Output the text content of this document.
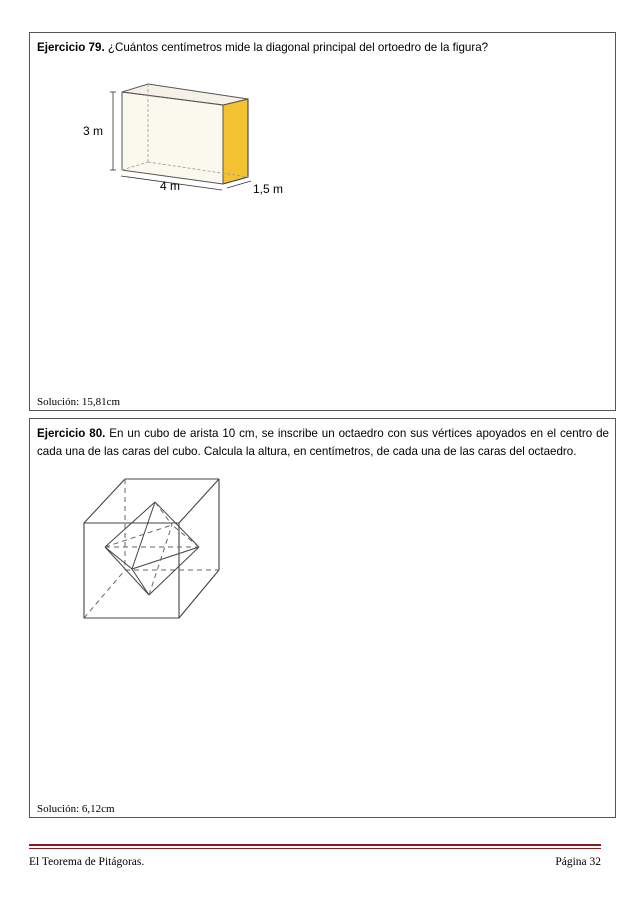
Ejercicio 79. ¿Cuántos centímetros mide la diagonal principal del ortoedro de la figura?
3 m
4 m	1,5 m
Solución: 15,81cm
Ejercicio 80. En un cubo de arista 10 cm, se inscribe un octaedro con sus vértices apoyados en el centro de cada una de las caras del cubo. Calcula la altura, en centímetros, de cada una de las caras del octaedro.
Solución: 6,12cm
El Teorema de Pitágoras.	Página 32
